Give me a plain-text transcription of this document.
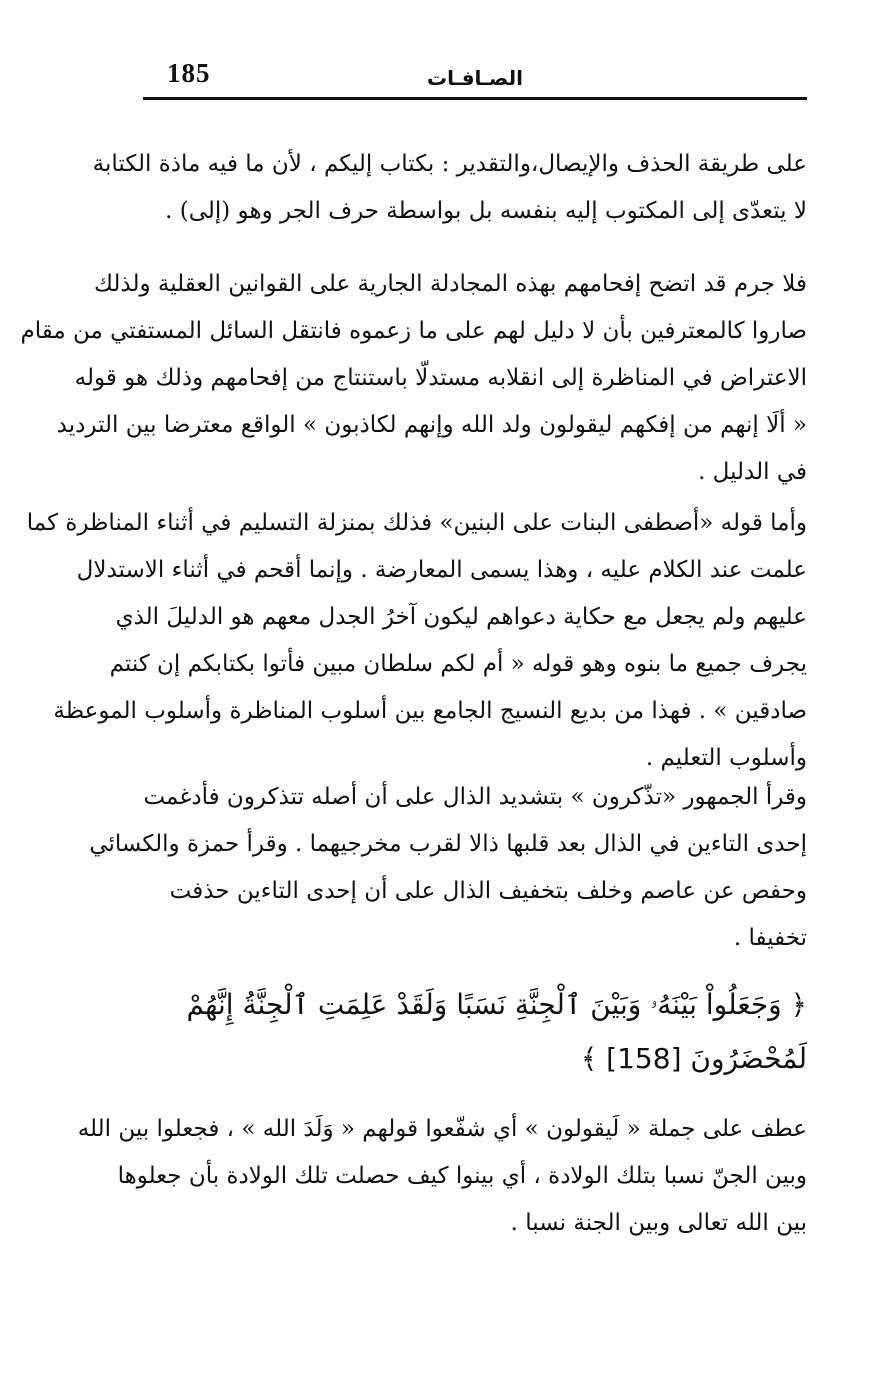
185	الصـافـات
على طريقة الحذف والإيصال،والتقدير : بكتاب إليكم ، لأن ما فيه ماذة الكتابة
لا يتعدّى إلى المكتوب إليه بنفسه بل بواسطة حرف الجر وهو (إلى) .
فلا جرم قد اتضح إفحامهم بهذه المجادلة الجارية على القوانين العقلية ولذلك
صاروا كالمعترفين بأن لا دليل لهم على ما زعموه فانتقل السائل المستفتي من مقام
الاعتراض في المناظرة إلى انقلابه مستدلّا باستنتاج من إفحامهم وذلك هو قوله
« ألَا إنهم من إفكهم ليقولون ولد الله وإنهم لكاذبون » الواقع معترضا بين الترديد
في الدليل .
وأما قوله «أصطفى البنات على البنين» فذلك بمنزلة التسليم في أثناء المناظرة كما
علمت عند الكلام عليه ، وهذا يسمى المعارضة . وإنما أقحم في أثناء الاستدلال
عليهم ولم يجعل مع حكاية دعواهم ليكون آخرُ الجدل معهم هو الدليلَ الذي
يجرف جميع ما بنوه وهو قوله « أم لكم سلطان مبين فأتوا بكتابكم إن كنتم
صادقين » . فهذا من بديع النسيج الجامع بين أسلوب المناظرة وأسلوب الموعظة
وأسلوب التعليم .
وقرأ الجمهور «تذّكرون » بتشديد الذال على أن أصله تتذكرون فأدغمت
إحدى التاءين في الذال بعد قلبها ذالا لقرب مخرجيهما . وقرأ حمزة والكسائي
وحفص عن عاصم وخلف بتخفيف الذال على أن إحدى التاءين حذفت
تخفيفا .
﴿ وَجَعَلُواْ بَيْنَهُۥ وَبَيْنَ ٱلْجِنَّةِ نَسَبًا وَلَقَدْ عَلِمَتِ ٱلْجِنَّةُ إِنَّهُمْ
لَمُحْضَرُونَ [158] ﴾
عطف على جملة « لَيقولون » أي شفّعوا قولهم « وَلَدَ الله » ، فجعلوا بين الله
وبين الجنّ نسبا بتلك الولادة ، أي بينوا كيف حصلت تلك الولادة بأن جعلوها
بين الله تعالى وبين الجنة نسبا .
